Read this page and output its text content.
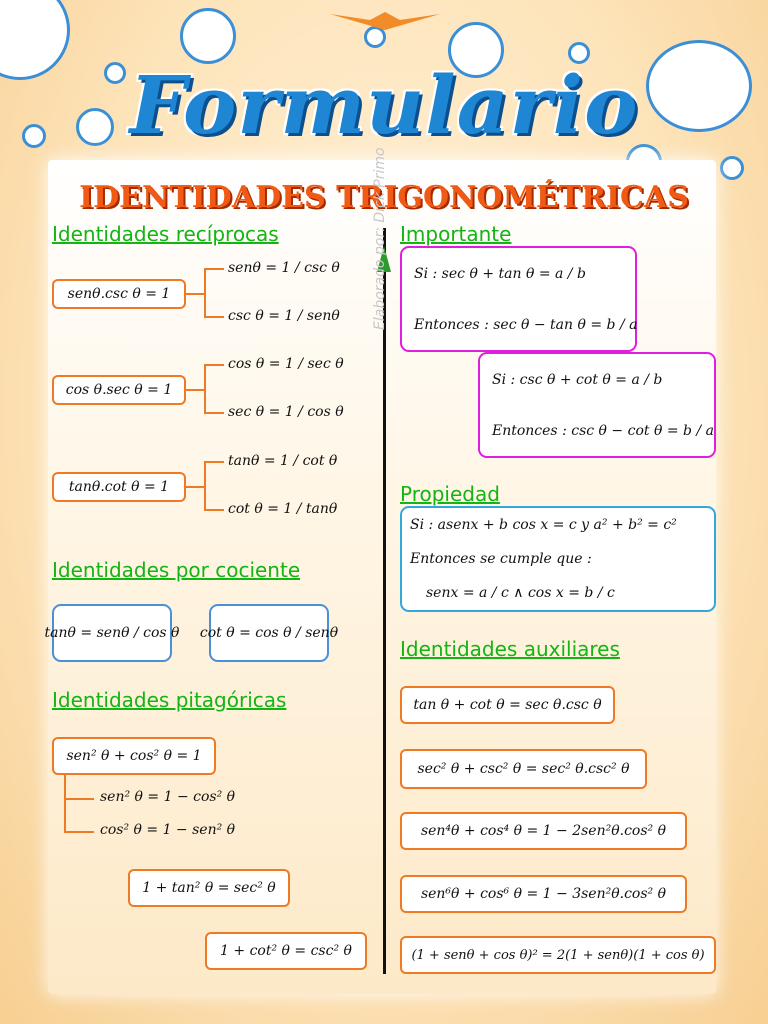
Formulario
IDENTIDADES TRIGONOMÉTRICAS
Elaborado por: Dick Primo
Identidades recíprocas
senθ.csc θ = 1
senθ = 1 / csc θ
csc θ = 1 / senθ
cos θ.sec θ = 1
cos θ = 1 / sec θ
sec θ = 1 / cos θ
tanθ.cot θ = 1
tanθ = 1 / cot θ
cot θ = 1 / tanθ
Identidades por cociente
tanθ = senθ / cos θ cot θ = cos θ / senθ
Identidades pitagóricas
sen² θ + cos² θ = 1
sen² θ = 1 − cos² θ
cos² θ = 1 − sen² θ
1 + tan² θ = sec² θ
1 + cot² θ = csc² θ
Importante
Si : sec θ + tan θ = a / b
Entonces : sec θ − tan θ = b / a
Si : csc θ + cot θ = a / b
Entonces : csc θ − cot θ = b / a
Propiedad
Si : asenx + b cos x = c y a² + b² = c²
Entonces se cumple que :
senx = a / c ∧ cos x = b / c
Identidades auxiliares
tan θ + cot θ = sec θ.csc θ
sec² θ + csc² θ = sec² θ.csc² θ
sen⁴θ + cos⁴ θ = 1 − 2sen²θ.cos² θ
sen⁶θ + cos⁶ θ = 1 − 3sen²θ.cos² θ
(1 + senθ + cos θ)² = 2(1 + senθ)(1 + cos θ)
